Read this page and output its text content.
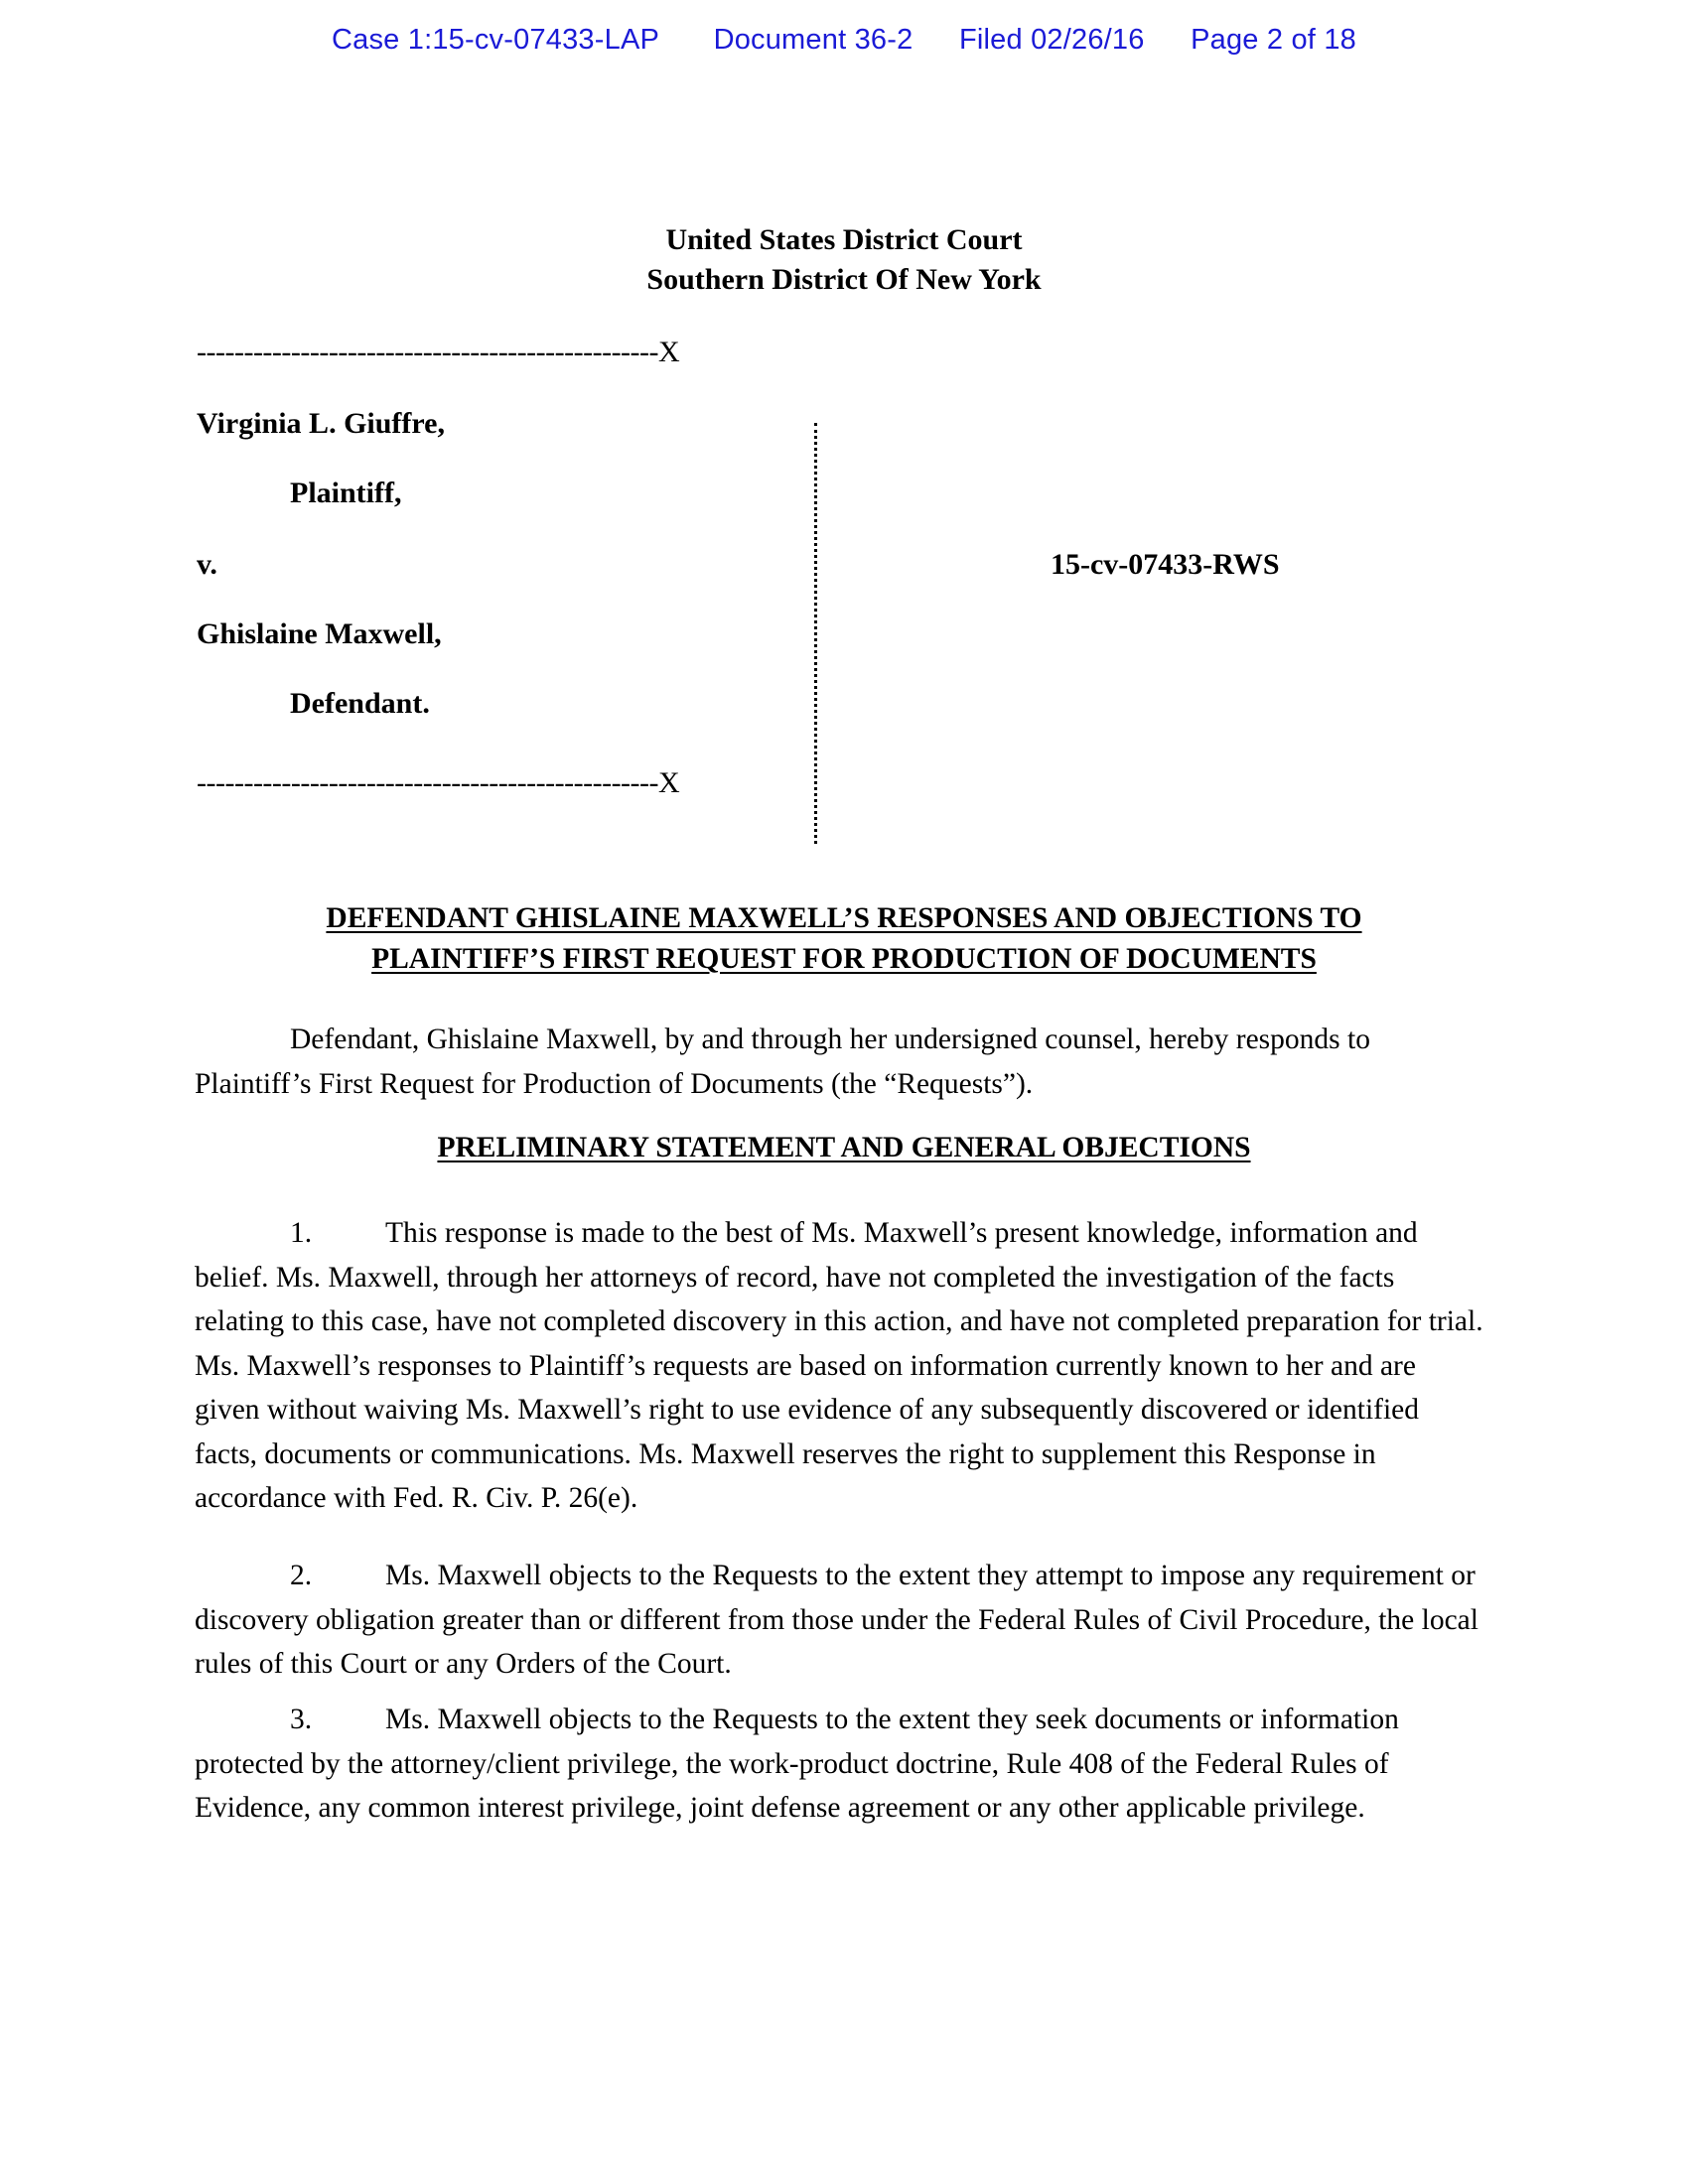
Case 1:15-cv-07433-LAP Document 36-2 Filed 02/26/16 Page 2 of 18
United States District Court
Southern District Of New York
-------------------------------------------------X
Virginia L. Giuffre,
Plaintiff,
v.
Ghislaine Maxwell,
Defendant.
15-cv-07433-RWS
-------------------------------------------------X
DEFENDANT GHISLAINE MAXWELL’S RESPONSES AND OBJECTIONS TO
PLAINTIFF’S FIRST REQUEST FOR PRODUCTION OF DOCUMENTS
Defendant, Ghislaine Maxwell, by and through her undersigned counsel, hereby responds to Plaintiff’s First Request for Production of Documents (the “Requests”).
PRELIMINARY STATEMENT AND GENERAL OBJECTIONS
1.	This response is made to the best of Ms. Maxwell’s present knowledge, information and belief. Ms. Maxwell, through her attorneys of record, have not completed the investigation of the facts relating to this case, have not completed discovery in this action, and have not completed preparation for trial. Ms. Maxwell’s responses to Plaintiff’s requests are based on information currently known to her and are given without waiving Ms. Maxwell’s right to use evidence of any subsequently discovered or identified facts, documents or communications. Ms. Maxwell reserves the right to supplement this Response in accordance with Fed. R. Civ. P. 26(e).
2.	Ms. Maxwell objects to the Requests to the extent they attempt to impose any requirement or discovery obligation greater than or different from those under the Federal Rules of Civil Procedure, the local rules of this Court or any Orders of the Court.
3.	Ms. Maxwell objects to the Requests to the extent they seek documents or information protected by the attorney/client privilege, the work-product doctrine, Rule 408 of the Federal Rules of Evidence, any common interest privilege, joint defense agreement or any other applicable privilege.
